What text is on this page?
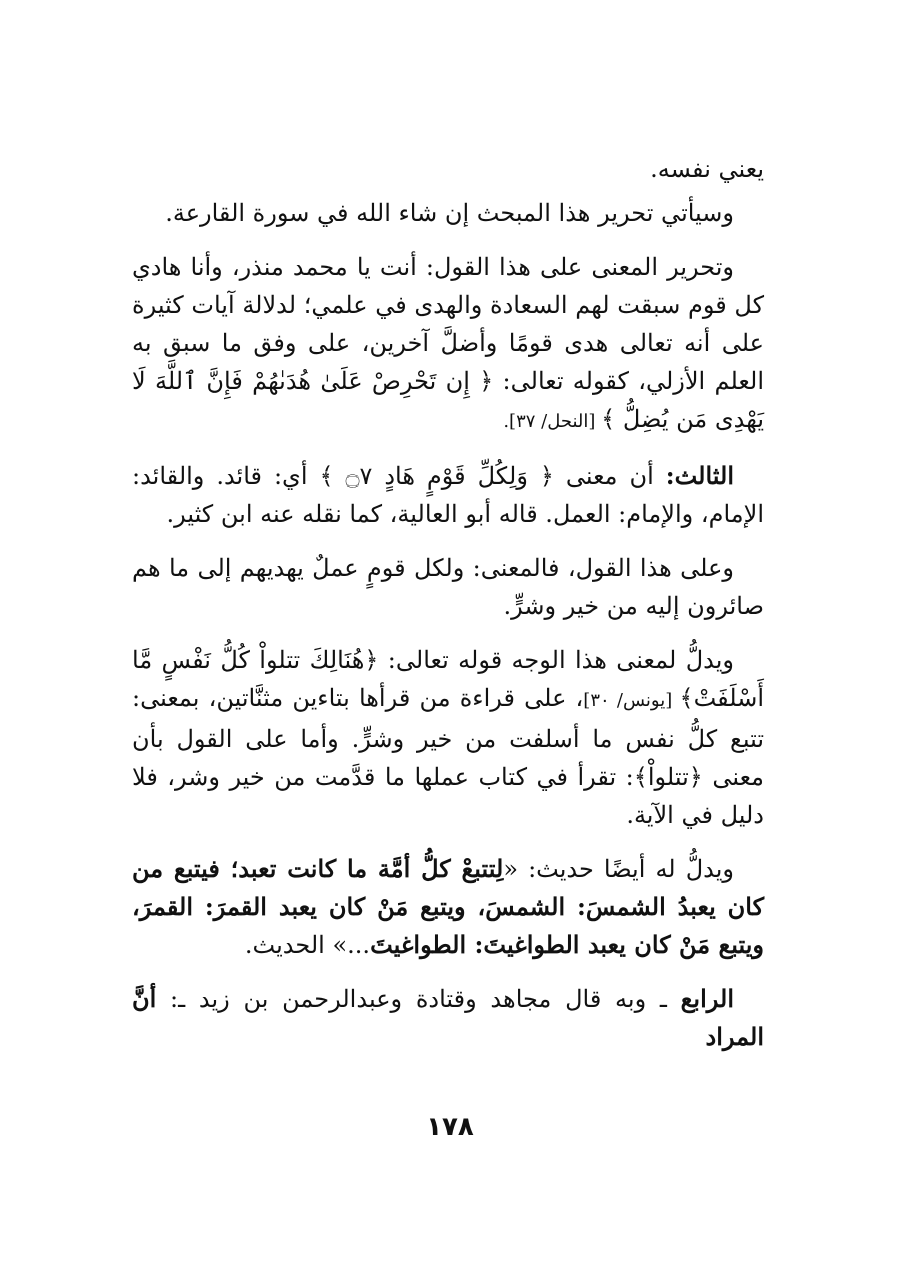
يعني نفسه.

وسيأتي تحرير هذا المبحث إن شاء الله في سورة القارعة.

وتحرير المعنى على هذا القول: أنت يا محمد منذر، وأنا هادي كل قوم سبقت لهم السعادة والهدى في علمي؛ لدلالة آيات كثيرة على أنه تعالى هدى قومًا وأضلَّ آخرين، على وفق ما سبق به العلم الأزلي، كقوله تعالى: ﴿ إِن تَحْرِصْ عَلَىٰ هُدَىٰهُمْ فَإِنَّ ٱللَّهَ لَا يَهْدِى مَن يُضِلُّ ﴾ [النحل/ ٣٧].

الثالث: أن معنى ﴿ وَلِكُلِّ قَوْمٍ هَادٍ ۝٧ ﴾ أي: قائد. والقائد: الإمام، والإمام: العمل. قاله أبو العالية، كما نقله عنه ابن كثير.

وعلى هذا القول، فالمعنى: ولكل قومٍ عملٌ يهديهم إلى ما هم صائرون إليه من خير وشرٍّ.

ويدلُّ لمعنى هذا الوجه قوله تعالى: ﴿هُنَالِكَ تتلواْ كُلُّ نَفْسٍ مَّا أَسْلَفَتْ﴾ [يونس/ ٣٠]، على قراءة من قرأها بتاءين مثنَّاتين، بمعنى: تتبع كلُّ نفس ما أسلفت من خير وشرٍّ. وأما على القول بأن معنى ﴿تتلواْ﴾: تقرأ في كتاب عملها ما قدَّمت من خير وشر، فلا دليل في الآية.

ويدلُّ له أيضًا حديث: «لِتتبعْ كلُّ أمَّة ما كانت تعبد؛ فيتبع من كان يعبدُ الشمسَ: الشمسَ، ويتبع مَنْ كان يعبد القمرَ: القمرَ، ويتبع مَنْ كان يعبد الطواغيتَ: الطواغيتَ...» الحديث.

الرابع ـ وبه قال مجاهد وقتادة وعبدالرحمن بن زيد ـ: أنَّ المراد

١٧٨
